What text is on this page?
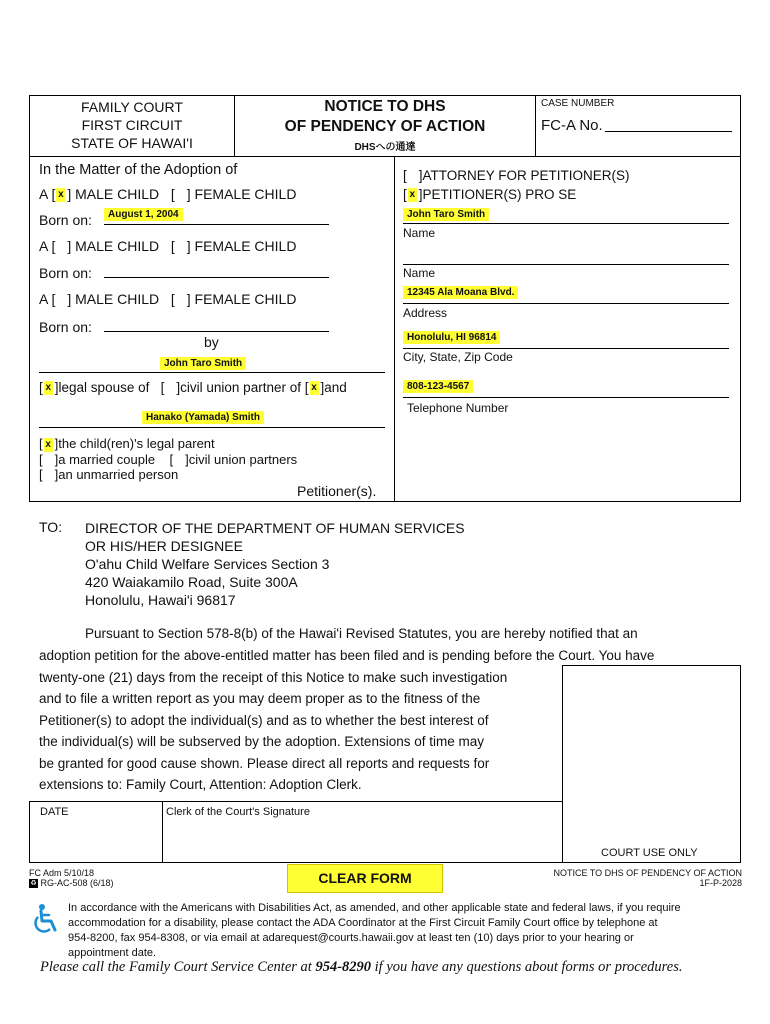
FAMILY COURT
FIRST CIRCUIT
STATE OF HAWAI'I
NOTICE TO DHS
OF PENDENCY OF ACTION
DHSへの通達
CASE NUMBER
FC-A No.
In the Matter of the Adoption of
A [ x ] MALE CHILD [ ] FEMALE CHILD
Born on:	August 1, 2004
A [ ] MALE CHILD [ ] FEMALE CHILD
Born on:
A [ ] MALE CHILD [ ] FEMALE CHILD
Born on:
by
John Taro Smith
[ x ]legal spouse of [ ]civil union partner of [ x ]and
Hanako (Yamada) Smith
[ x ]the child(ren)'s legal parent
[ ]a married couple [ ]civil union partners
[ ]an unmarried person
Petitioner(s).
[ ]ATTORNEY FOR PETITIONER(S)
[ x ]PETITIONER(S) PRO SE
John Taro Smith
Name
Name
12345 Ala Moana Blvd.
Address
Honolulu, HI 96814
City, State, Zip Code
808-123-4567
Telephone Number
TO: DIRECTOR OF THE DEPARTMENT OF HUMAN SERVICES
OR HIS/HER DESIGNEE
O'ahu Child Welfare Services Section 3
420 Waiakamilo Road, Suite 300A
Honolulu, Hawai'i 96817
Pursuant to Section 578-8(b) of the Hawai'i Revised Statutes, you are hereby notified that an
adoption petition for the above-entitled matter has been filed and is pending before the Court. You have
twenty-one (21) days from the receipt of this Notice to make such investigation
and to file a written report as you may deem proper as to the fitness of the
Petitioner(s) to adopt the individual(s) and as to whether the best interest of
the individual(s) will be subserved by the adoption. Extensions of time may
be granted for good cause shown. Please direct all reports and requests for
extensions to: Family Court, Attention: Adoption Clerk.
DATE	Clerk of the Court's Signature
COURT USE ONLY
FC Adm 5/10/18
♻ RG-AC-508 (6/18)	CLEAR FORM	NOTICE TO DHS OF PENDENCY OF ACTION
1F-P-2028
In accordance with the Americans with Disabilities Act, as amended, and other applicable state and federal laws, if you require
accommodation for a disability, please contact the ADA Coordinator at the First Circuit Family Court office by telephone at
954-8200, fax 954-8308, or via email at adarequest@courts.hawaii.gov at least ten (10) days prior to your hearing or
appointment date.
Please call the Family Court Service Center at 954-8290 if you have any questions about forms or procedures.
